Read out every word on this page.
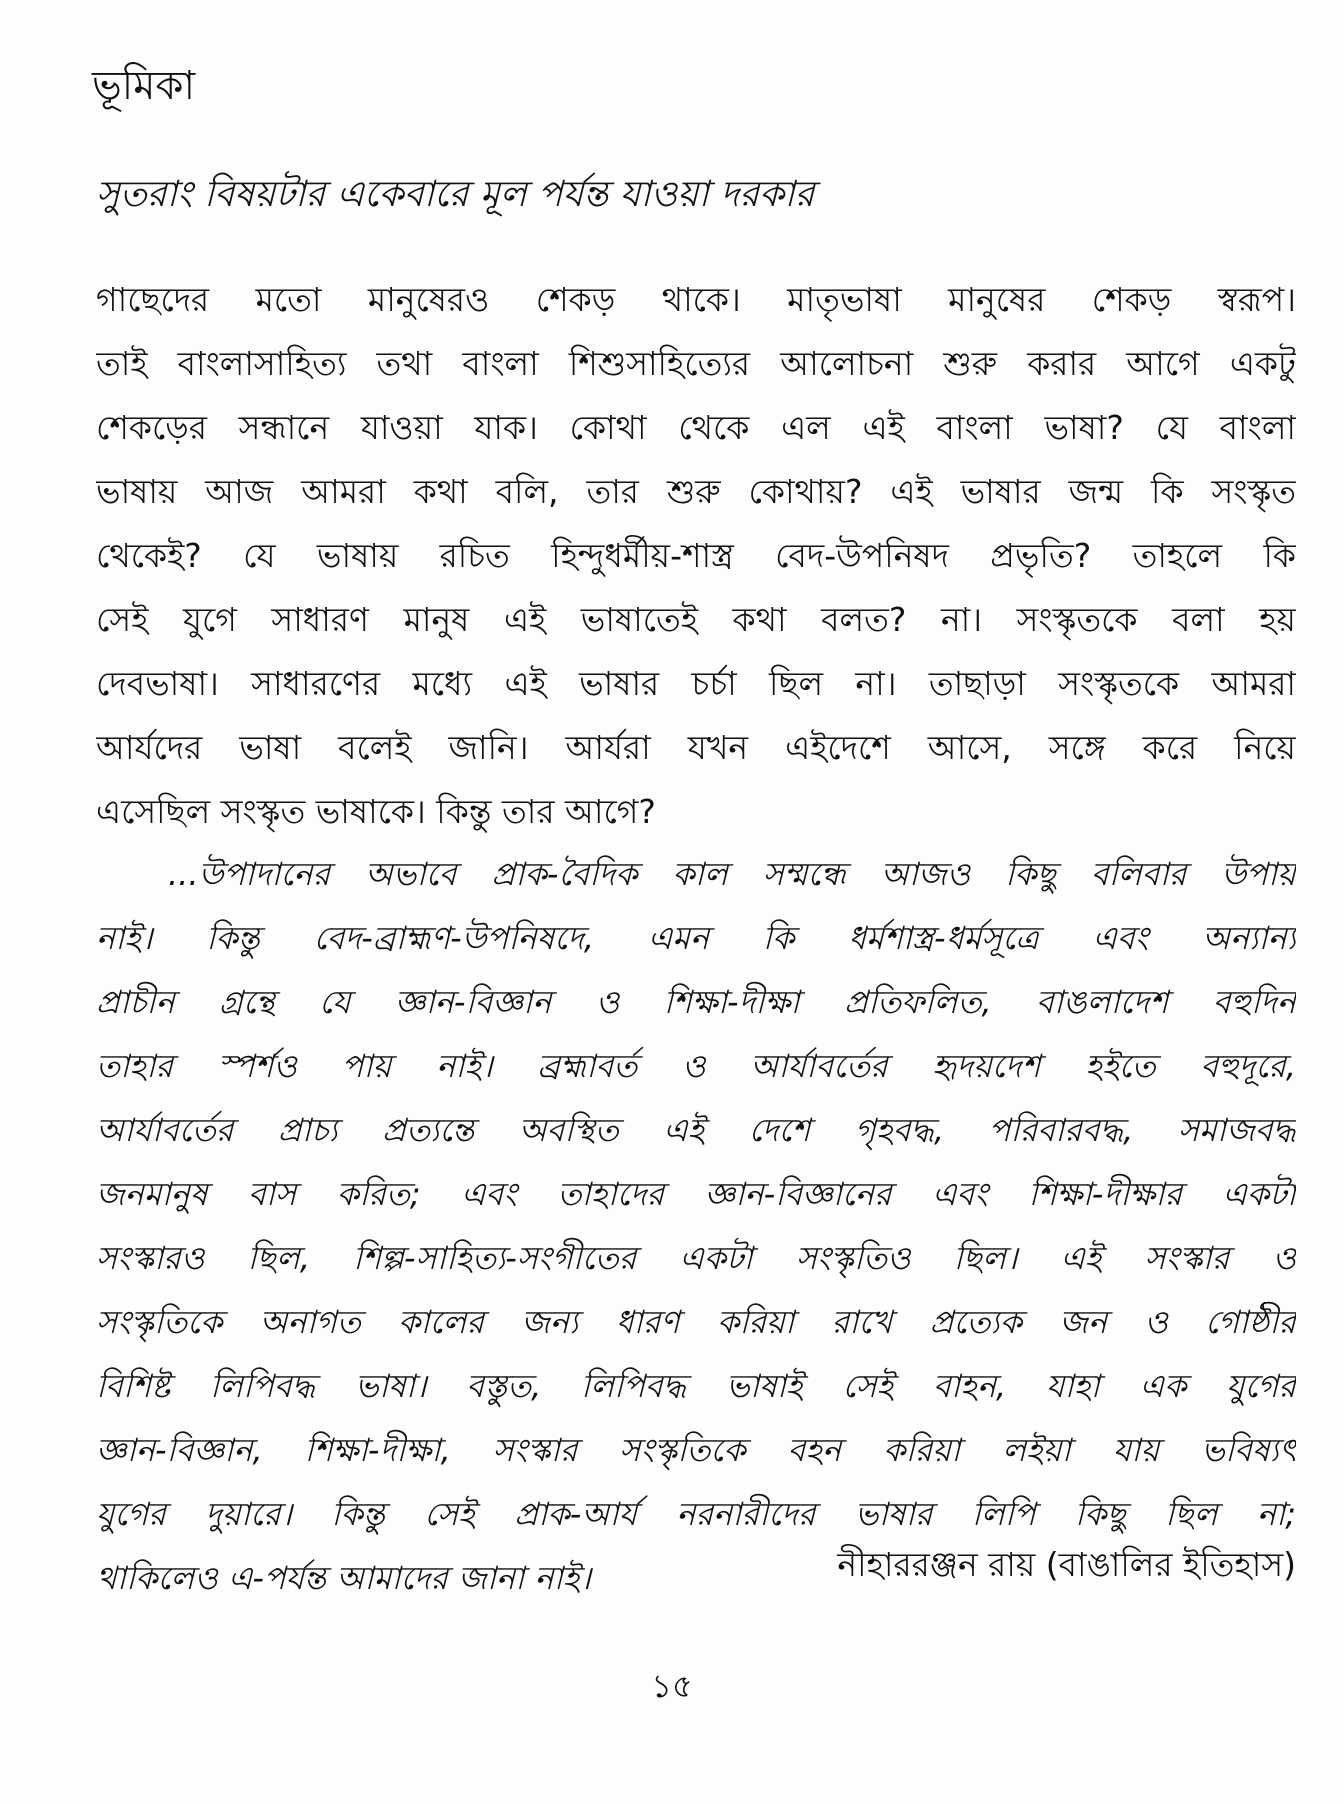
ভূমিকা
সুতরাং বিষয়টার একেবারে মূল পর্যন্ত যাওয়া দরকার
গাছেদের মতো মানুষেরও শেকড় থাকে। মাতৃভাষা মানুষের শেকড় স্বরূপ।
তাই বাংলাসাহিত্য তথা বাংলা শিশুসাহিত্যের আলোচনা শুরু করার আগে একটু
শেকড়ের সন্ধানে যাওয়া যাক। কোথা থেকে এল এই বাংলা ভাষা? যে বাংলা
ভাষায় আজ আমরা কথা বলি, তার শুরু কোথায়? এই ভাষার জন্ম কি সংস্কৃত
থেকেই? যে ভাষায় রচিত হিন্দুধর্মীয়-শাস্ত্র বেদ-উপনিষদ প্রভৃতি? তাহলে কি
সেই যুগে সাধারণ মানুষ এই ভাষাতেই কথা বলত? না। সংস্কৃতকে বলা হয়
দেবভাষা। সাধারণের মধ্যে এই ভাষার চর্চা ছিল না। তাছাড়া সংস্কৃতকে আমরা
আর্যদের ভাষা বলেই জানি। আর্যরা যখন এইদেশে আসে, সঙ্গে করে নিয়ে
এসেছিল সংস্কৃত ভাষাকে। কিন্তু তার আগে?
...উপাদানের অভাবে প্রাক-বৈদিক কাল সম্মন্ধে আজও কিছু বলিবার উপায়
নাই। কিন্তু বেদ-ব্রাহ্মণ-উপনিষদে, এমন কি ধর্মশাস্ত্র-ধর্মসূত্রে এবং অন্যান্য
প্রাচীন গ্রন্থে যে জ্ঞান-বিজ্ঞান ও শিক্ষা-দীক্ষা প্রতিফলিত, বাঙলাদেশ বহুদিন
তাহার স্পর্শও পায় নাই। ব্রহ্মাবর্ত ও আর্যাবর্তের হৃদয়দেশ হইতে বহুদূরে,
আর্যাবর্তের প্রাচ্য প্রত্যন্তে অবস্থিত এই দেশে গৃহবদ্ধ, পরিবারবদ্ধ, সমাজবদ্ধ
জনমানুষ বাস করিত; এবং তাহাদের জ্ঞান-বিজ্ঞানের এবং শিক্ষা-দীক্ষার একটা
সংস্কারও ছিল, শিল্প-সাহিত্য-সংগীতের একটা সংস্কৃতিও ছিল। এই সংস্কার ও
সংস্কৃতিকে অনাগত কালের জন্য ধারণ করিয়া রাখে প্রত্যেক জন ও গোষ্ঠীর
বিশিষ্ট লিপিবদ্ধ ভাষা। বস্তুত, লিপিবদ্ধ ভাষাই সেই বাহন, যাহা এক যুগের
জ্ঞান-বিজ্ঞান, শিক্ষা-দীক্ষা, সংস্কার সংস্কৃতিকে বহন করিয়া লইয়া যায় ভবিষ্যৎ
যুগের দুয়ারে। কিন্তু সেই প্রাক-আর্য নরনারীদের ভাষার লিপি কিছু ছিল না;
থাকিলেও এ-পর্যন্ত আমাদের জানা নাই।	নীহাররঞ্জন রায় (বাঙালির ইতিহাস)
১৫
